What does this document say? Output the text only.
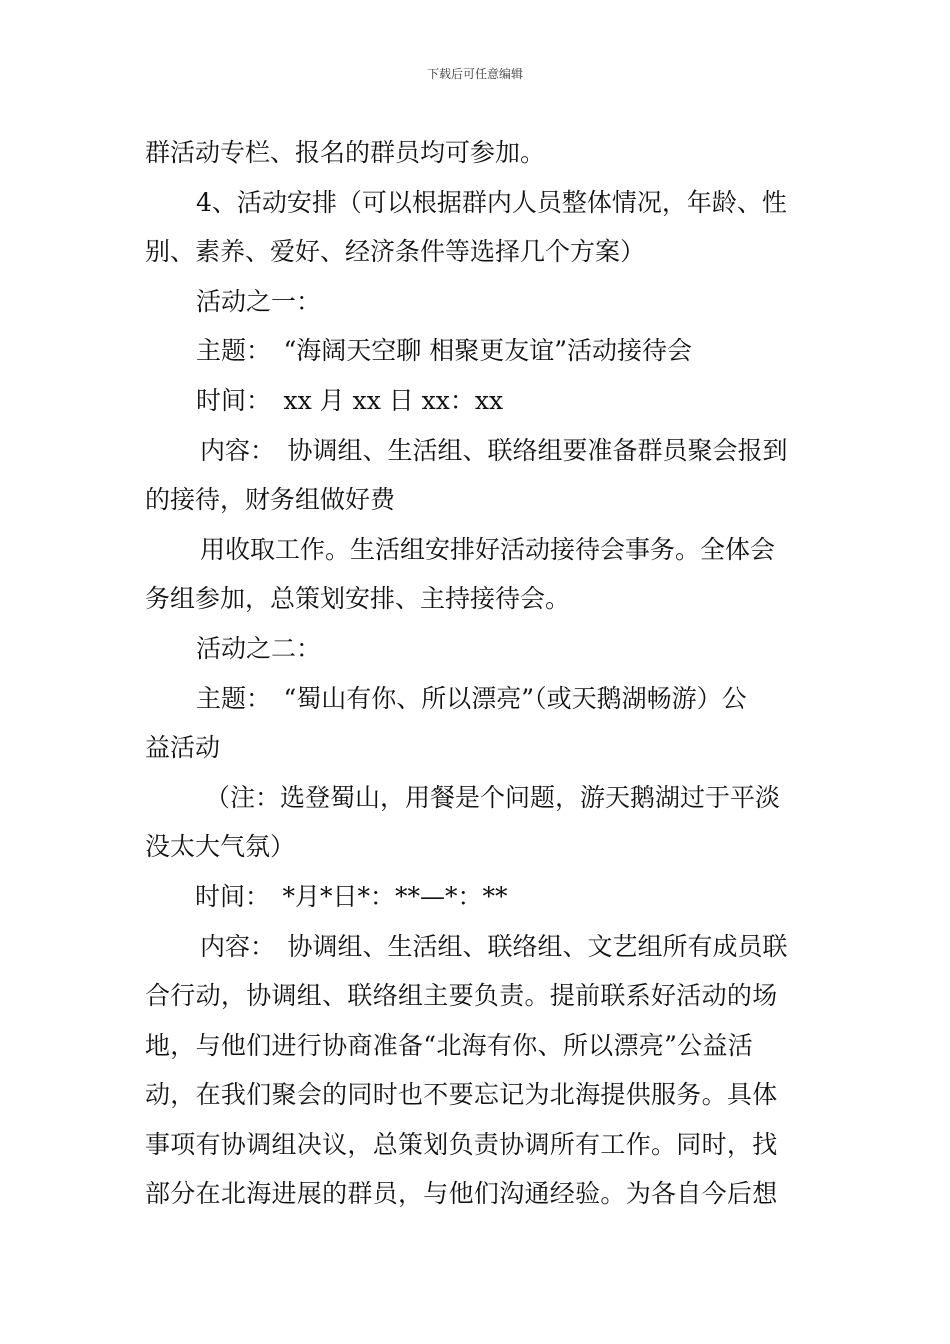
下载后可任意编辑
群活动专栏、报名的群员均可参加。
4、活动安排（可以根据群内人员整体情况，年龄、性
别、素养、爱好、经济条件等选择几个方案）
活动之一：
主题：　“海阔天空聊 相聚更友谊”活动接待会
时间：　xx 月 xx 日 xx：xx
内容：　协调组、生活组、联络组要准备群员聚会报到
的接待，财务组做好费
用收取工作。生活组安排好活动接待会事务。全体会
务组参加，总策划安排、主持接待会。
活动之二：
主题：　“蜀山有你、所以漂亮”（或天鹅湖畅游）公
益活动
（注：选登蜀山，用餐是个问题，游天鹅湖过于平淡
没太大气氛）
时间：　*月*日*：**—*：**
内容：　协调组、生活组、联络组、文艺组所有成员联
合行动，协调组、联络组主要负责。提前联系好活动的场
地，与他们进行协商准备“北海有你、所以漂亮”公益活
动，在我们聚会的同时也不要忘记为北海提供服务。具体
事项有协调组决议，总策划负责协调所有工作。同时，找
部分在北海进展的群员，与他们沟通经验。为各自今后想
